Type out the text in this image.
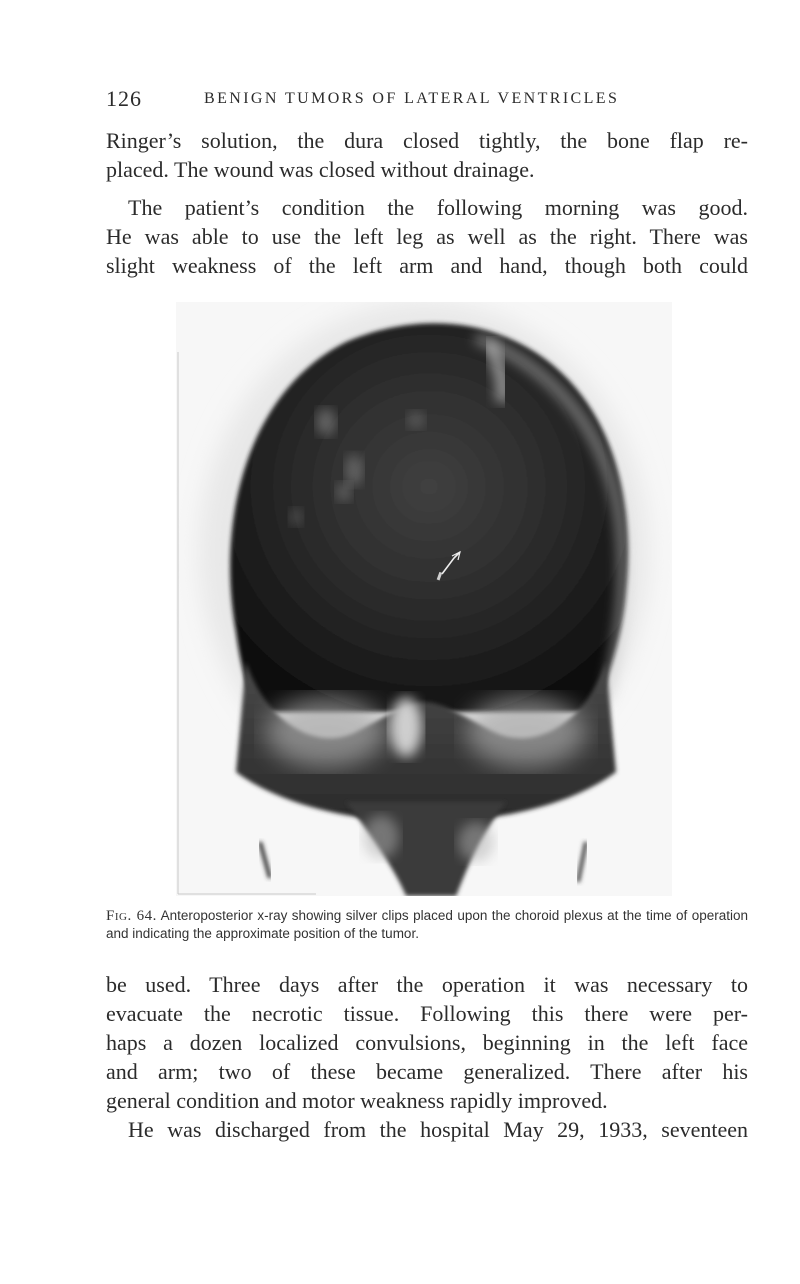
126	BENIGN TUMORS OF LATERAL VENTRICLES

Ringer’s solution, the dura closed tightly, the bone flap re-

placed. The wound was closed without drainage.

The patient’s condition the following morning was good.

He was able to use the left leg as well as the right. There was

slight weakness of the left arm and hand, though both could

Fig. 64. Anteroposterior x-ray showing silver clips placed upon the choroid plexus at the time of operation and indicating the approximate position of the tumor.

be used. Three days after the operation it was necessary to

evacuate the necrotic tissue. Following this there were per-

haps a dozen localized convulsions, beginning in the left face

and arm; two of these became generalized. There after his

general condition and motor weakness rapidly improved.

He was discharged from the hospital May 29, 1933, seventeen
